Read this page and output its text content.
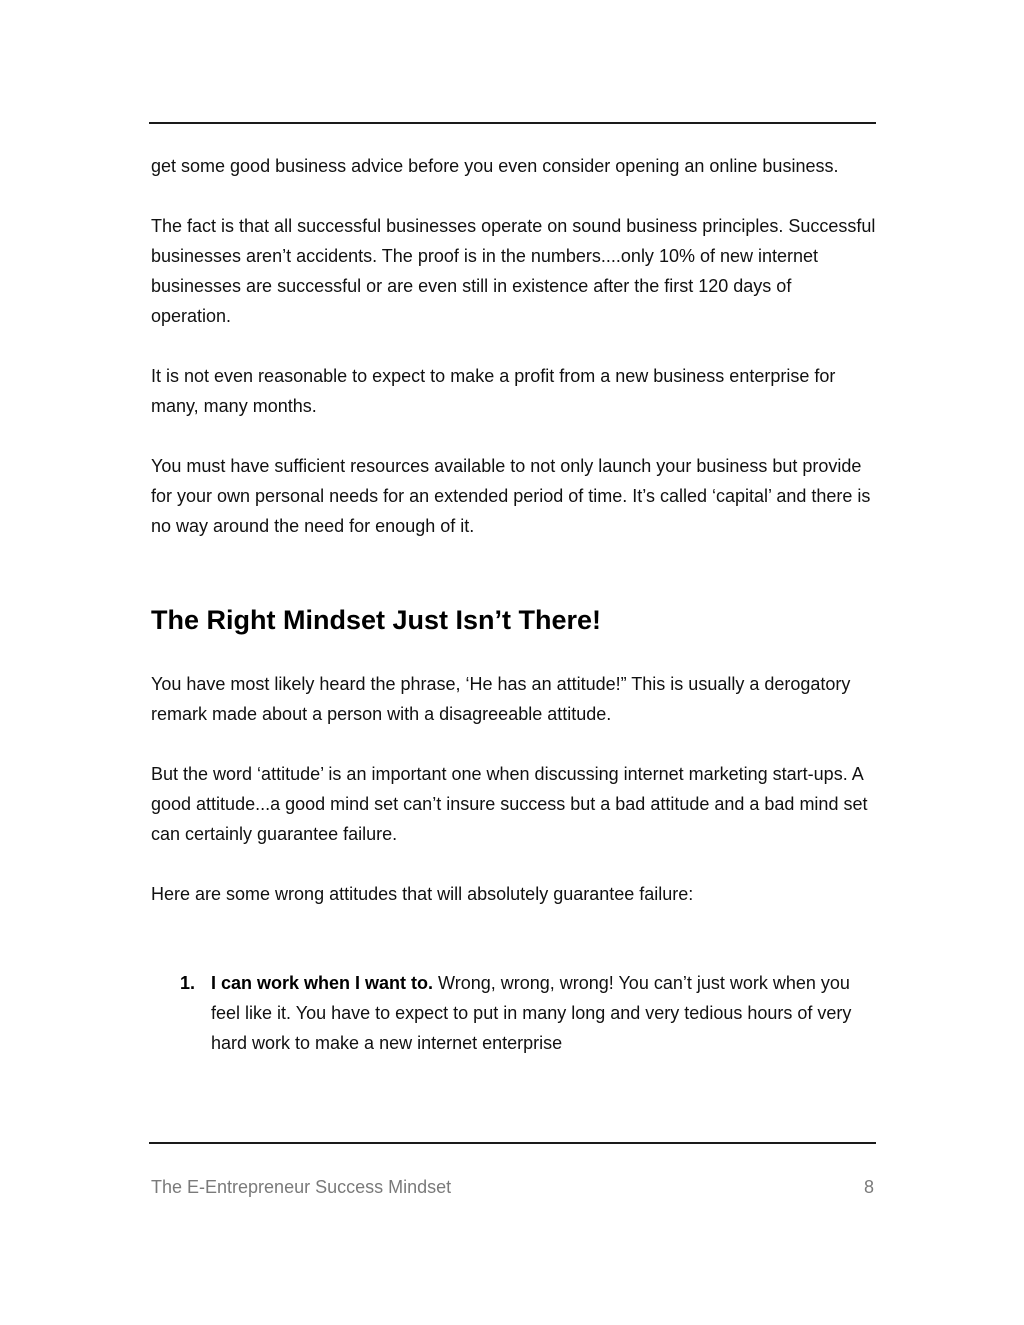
get some good business advice before you even consider opening an online business.

The fact is that all successful businesses operate on sound business principles. Successful businesses aren’t accidents. The proof is in the numbers....only 10% of new internet businesses are successful or are even still in existence after the first 120 days of operation.

It is not even reasonable to expect to make a profit from a new business enterprise for many, many months.

You must have sufficient resources available to not only launch your business but provide for your own personal needs for an extended period of time. It’s called ‘capital’ and there is no way around the need for enough of it.

The Right Mindset Just Isn’t There!

You have most likely heard the phrase, ‘He has an attitude!” This is usually a derogatory remark made about a person with a disagreeable attitude.

But the word ‘attitude’ is an important one when discussing internet marketing start-ups. A good attitude...a good mind set can’t insure success but a bad attitude and a bad mind set can certainly guarantee failure.

Here are some wrong attitudes that will absolutely guarantee failure:

1. I can work when I want to. Wrong, wrong, wrong! You can’t just work when you feel like it. You have to expect to put in many long and very tedious hours of very hard work to make a new internet enterprise
The E-Entrepreneur Success Mindset	8
